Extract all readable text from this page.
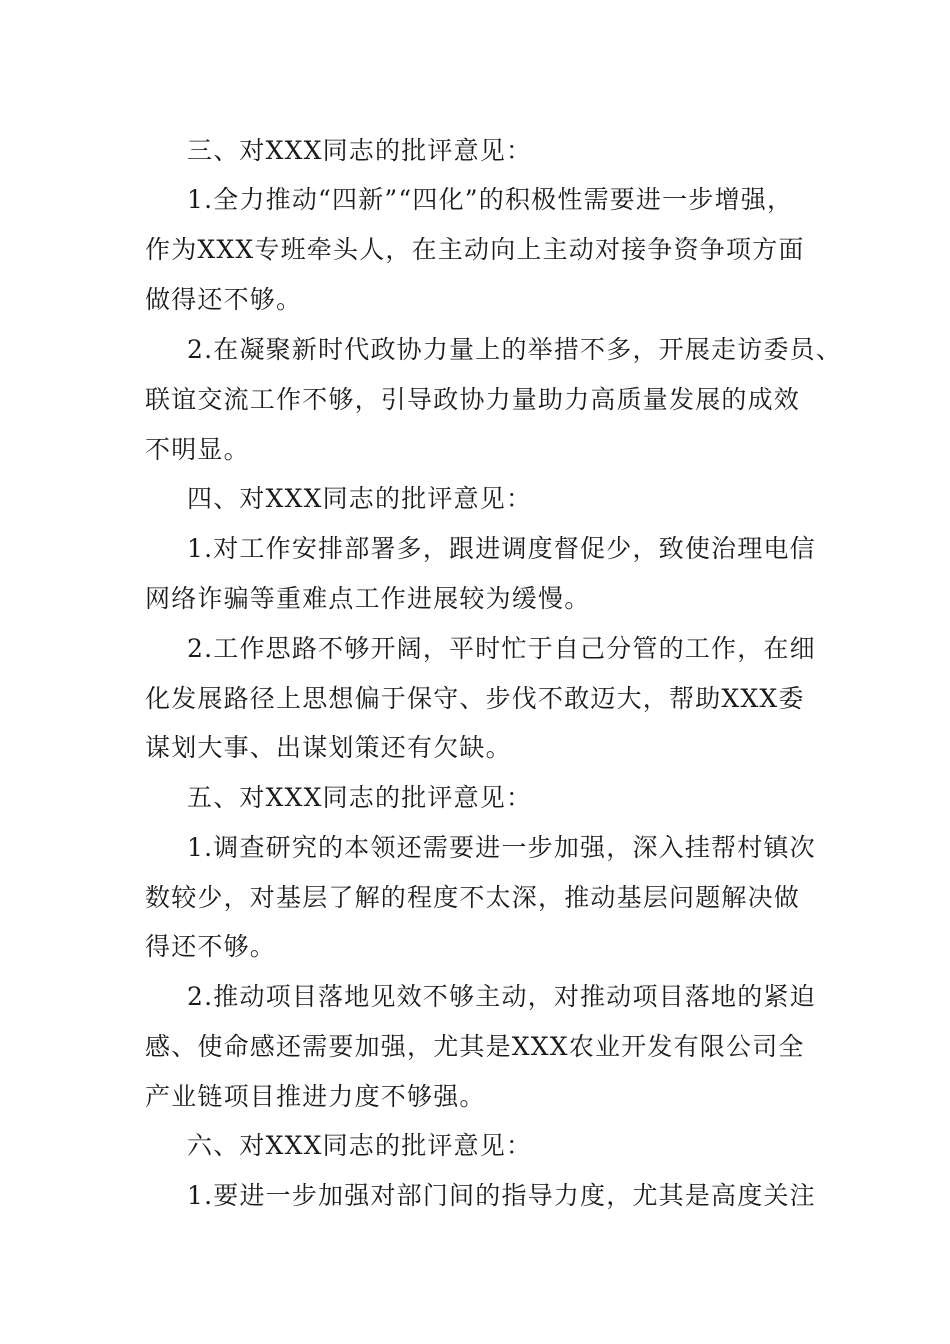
三、对XXX同志的批评意见：
1.全力推动“四新”“四化”的积极性需要进一步增强，
作为XXX专班牵头人，在主动向上主动对接争资争项方面
做得还不够。
2.在凝聚新时代政协力量上的举措不多，开展走访委员、
联谊交流工作不够，引导政协力量助力高质量发展的成效
不明显。
四、对XXX同志的批评意见：
1.对工作安排部署多，跟进调度督促少，致使治理电信
网络诈骗等重难点工作进展较为缓慢。
2.工作思路不够开阔，平时忙于自己分管的工作，在细
化发展路径上思想偏于保守、步伐不敢迈大，帮助XXX委
谋划大事、出谋划策还有欠缺。
五、对XXX同志的批评意见：
1.调查研究的本领还需要进一步加强，深入挂帮村镇次
数较少，对基层了解的程度不太深，推动基层问题解决做
得还不够。
2.推动项目落地见效不够主动，对推动项目落地的紧迫
感、使命感还需要加强，尤其是XXX农业开发有限公司全
产业链项目推进力度不够强。
六、对XXX同志的批评意见：
1.要进一步加强对部门间的指导力度，尤其是高度关注
